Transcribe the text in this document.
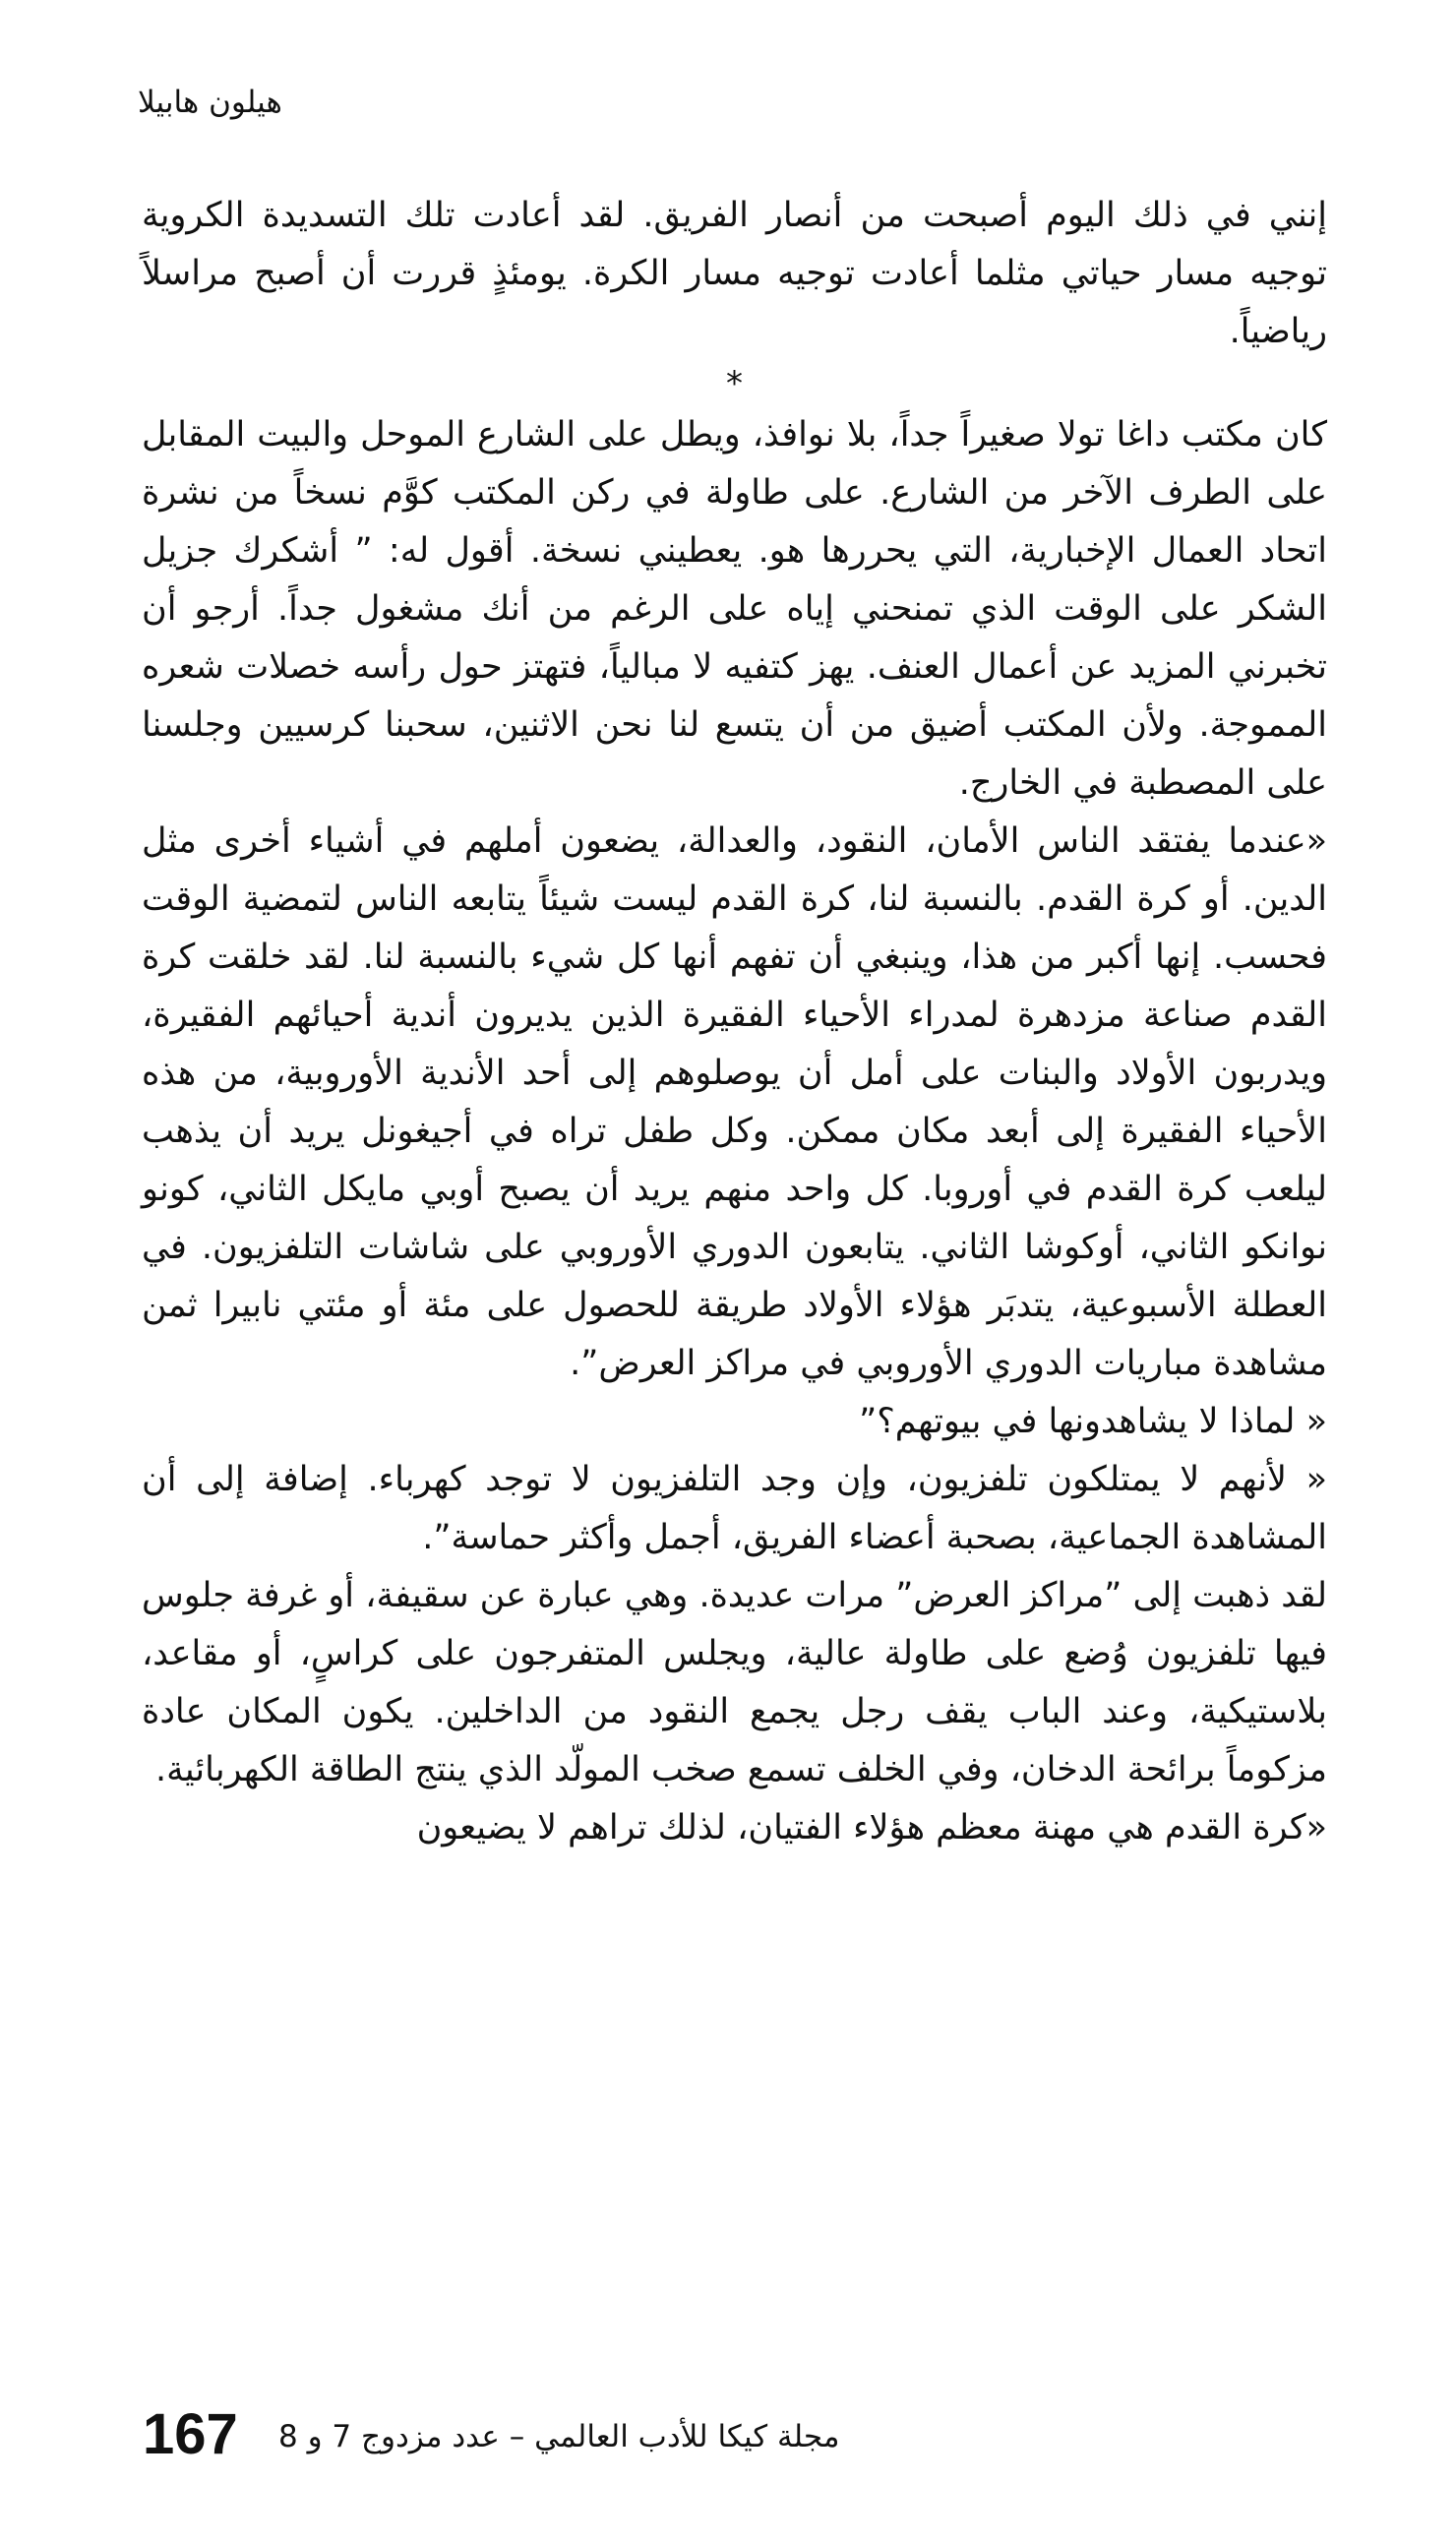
هيلون هابيلا

إنني في ذلك اليوم أصبحت من أنصار الفريق. لقد أعادت تلك التسديدة الكروية توجيه مسار حياتي مثلما أعادت توجيه مسار الكرة. يومئذٍ قررت أن أصبح مراسلاً رياضياً.

*

كان مكتب داغا تولا صغيراً جداً، بلا نوافذ، ويطل على الشارع الموحل والبيت المقابل على الطرف الآخر من الشارع. على طاولة في ركن المكتب كوَّم نسخاً من نشرة اتحاد العمال الإخبارية، التي يحررها هو. يعطيني نسخة. أقول له: ” أشكرك جزيل الشكر على الوقت الذي تمنحني إياه على الرغم من أنك مشغول جداً. أرجو أن تخبرني المزيد عن أعمال العنف. يهز كتفيه لا مبالياً، فتهتز حول رأسه خصلات شعره المموجة. ولأن المكتب أضيق من أن يتسع لنا نحن الاثنين، سحبنا كرسيين وجلسنا على المصطبة في الخارج.

«عندما يفتقد الناس الأمان، النقود، والعدالة، يضعون أملهم في أشياء أخرى مثل الدين. أو كرة القدم. بالنسبة لنا، كرة القدم ليست شيئاً يتابعه الناس لتمضية الوقت فحسب. إنها أكبر من هذا، وينبغي أن تفهم أنها كل شيء بالنسبة لنا. لقد خلقت كرة القدم صناعة مزدهرة لمدراء الأحياء الفقيرة الذين يديرون أندية أحيائهم الفقيرة، ويدربون الأولاد والبنات على أمل أن يوصلوهم إلى أحد الأندية الأوروبية، من هذه الأحياء الفقيرة إلى أبعد مكان ممكن. وكل طفل تراه في أجيغونل يريد أن يذهب ليلعب كرة القدم في أوروبا. كل واحد منهم يريد أن يصبح أوبي مايكل الثاني، كونو نوانكو الثاني، أوكوشا الثاني. يتابعون الدوري الأوروبي على شاشات التلفزيون. في العطلة الأسبوعية، يتدبَر هؤلاء الأولاد طريقة للحصول على مئة أو مئتي نابيرا ثمن مشاهدة مباريات الدوري الأوروبي في مراكز العرض”.

« لماذا لا يشاهدونها في بيوتهم؟”

« لأنهم لا يمتلكون تلفزيون، وإن وجد التلفزيون لا توجد كهرباء. إضافة إلى أن المشاهدة الجماعية، بصحبة أعضاء الفريق، أجمل وأكثر حماسة”.

لقد ذهبت إلى ”مراكز العرض” مرات عديدة. وهي عبارة عن سقيفة، أو غرفة جلوس فيها تلفزيون وُضع على طاولة عالية، ويجلس المتفرجون على كراسٍ، أو مقاعد، بلاستيكية، وعند الباب يقف رجل يجمع النقود من الداخلين. يكون المكان عادة مزكوماً برائحة الدخان، وفي الخلف تسمع صخب المولّد الذي ينتج الطاقة الكهربائية.

«كرة القدم هي مهنة معظم هؤلاء الفتيان، لذلك تراهم لا يضيعون

167 مجلة كيكا للأدب العالمي – عدد مزدوج 7 و 8
